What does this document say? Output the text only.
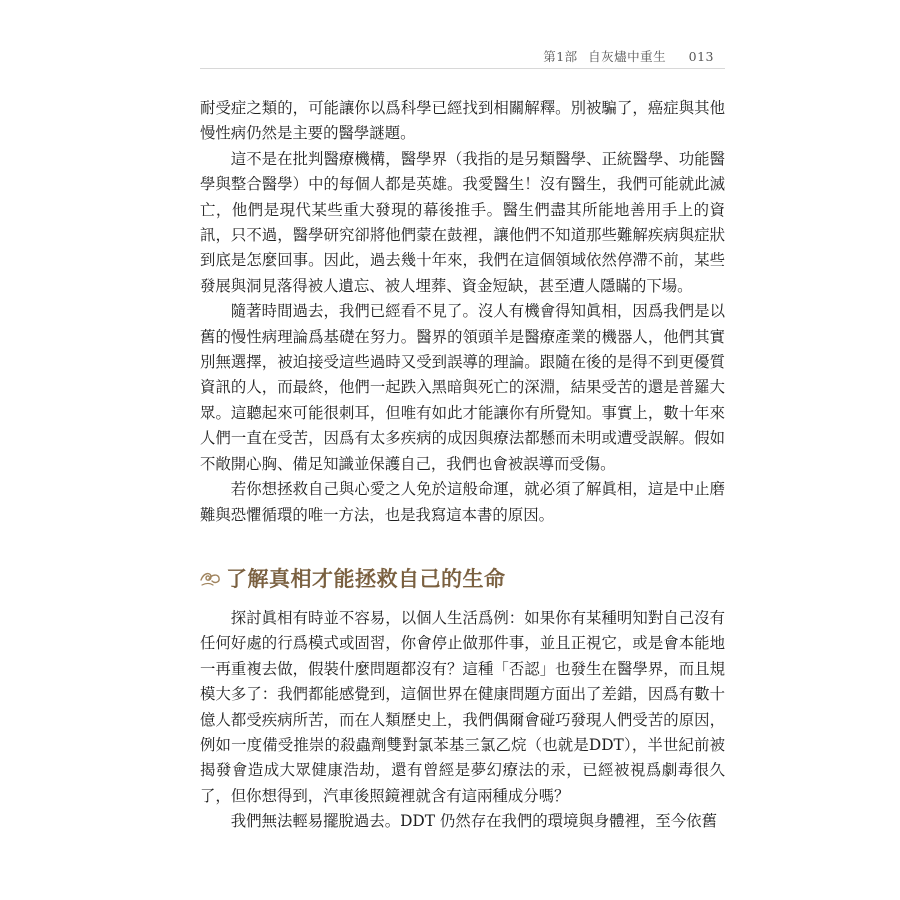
第1部 自灰燼中重生 013

耐受症之類的，可能讓你以爲科學已經找到相關解釋。別被騙了，癌症與其他慢性病仍然是主要的醫學謎題。

這不是在批判醫療機構，醫學界（我指的是另類醫學、正統醫學、功能醫學與整合醫學）中的每個人都是英雄。我愛醫生！沒有醫生，我們可能就此滅亡，他們是現代某些重大發現的幕後推手。醫生們盡其所能地善用手上的資訊，只不過，醫學研究卻將他們蒙在鼓裡，讓他們不知道那些難解疾病與症狀到底是怎麼回事。因此，過去幾十年來，我們在這個領域依然停滯不前，某些發展與洞見落得被人遺忘、被人埋葬、資金短缺，甚至遭人隱瞞的下場。

隨著時間過去，我們已經看不見了。沒人有機會得知眞相，因爲我們是以舊的慢性病理論爲基礎在努力。醫界的領頭羊是醫療產業的機器人，他們其實別無選擇，被迫接受這些過時又受到誤導的理論。跟隨在後的是得不到更優質資訊的人，而最終，他們一起跌入黑暗與死亡的深淵，結果受苦的還是普羅大眾。這聽起來可能很刺耳，但唯有如此才能讓你有所覺知。事實上，數十年來人們一直在受苦，因爲有太多疾病的成因與療法都懸而未明或遭受誤解。假如不敞開心胸、備足知識並保護自己，我們也會被誤導而受傷。

若你想拯救自己與心愛之人免於這般命運，就必須了解眞相，這是中止磨難與恐懼循環的唯一方法，也是我寫這本書的原因。

了解真相才能拯救自己的生命

探討眞相有時並不容易，以個人生活爲例：如果你有某種明知對自己沒有任何好處的行爲模式或固習，你會停止做那件事，並且正視它，或是會本能地一再重複去做，假裝什麼問題都沒有？這種「否認」也發生在醫學界，而且規模大多了：我們都能感覺到，這個世界在健康問題方面出了差錯，因爲有數十億人都受疾病所苦，而在人類歷史上，我們偶爾會碰巧發現人們受苦的原因，例如一度備受推崇的殺蟲劑雙對氯苯基三氯乙烷（也就是DDT），半世紀前被揭發會造成大眾健康浩劫，還有曾經是夢幻療法的汞，已經被視爲劇毒很久了，但你想得到，汽車後照鏡裡就含有這兩種成分嗎？

我們無法輕易擺脫過去。DDT 仍然存在我們的環境與身體裡，至今依舊
